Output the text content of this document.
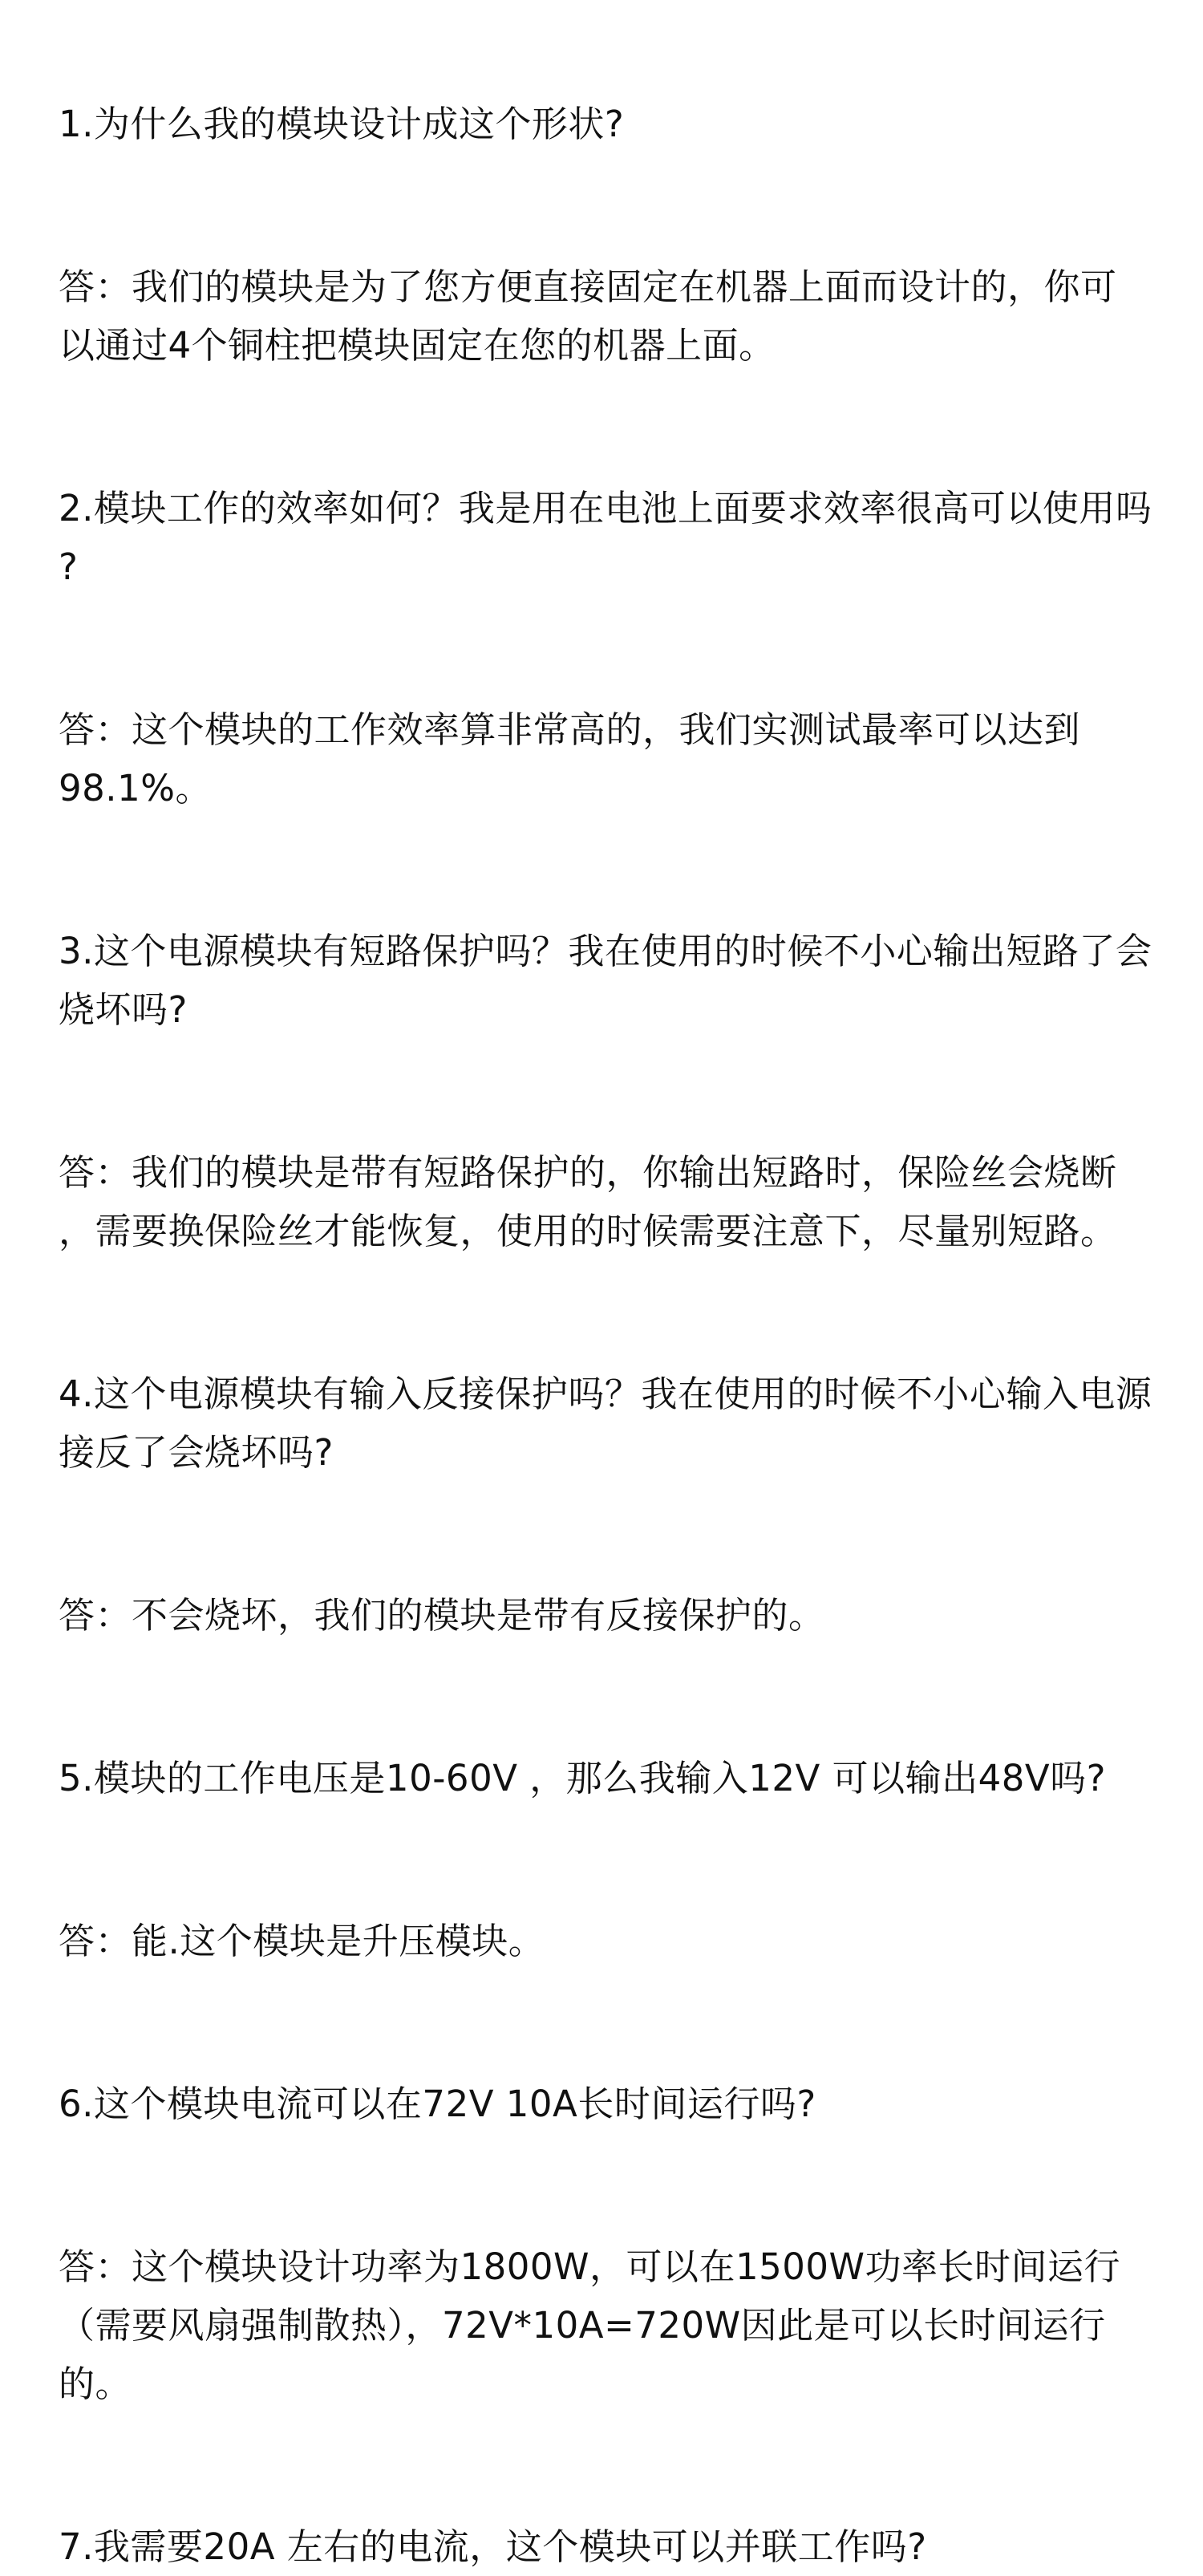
1.为什么我的模块设计成这个形状?

答：我们的模块是为了您方便直接固定在机器上面而设计的，你可
以通过4个铜柱把模块固定在您的机器上面。

2.模块工作的效率如何？我是用在电池上面要求效率很高可以使用吗
?

答：这个模块的工作效率算非常高的，我们实测试最率可以达到
98.1%。

3.这个电源模块有短路保护吗？我在使用的时候不小心输出短路了会
烧坏吗?

答：我们的模块是带有短路保护的，你输出短路时，保险丝会烧断
，需要换保险丝才能恢复，使用的时候需要注意下，尽量别短路。

4.这个电源模块有输入反接保护吗？我在使用的时候不小心输入电源
接反了会烧坏吗?

答：不会烧坏，我们的模块是带有反接保护的。

5.模块的工作电压是10-60V ，那么我输入12V 可以输出48V吗?

答：能.这个模块是升压模块。

6.这个模块电流可以在72V 10A长时间运行吗?

答：这个模块设计功率为1800W，可以在1500W功率长时间运行
（需要风扇强制散热），72V*10A=720W因此是可以长时间运行的。

7.我需要20A 左右的电流，这个模块可以并联工作吗?
